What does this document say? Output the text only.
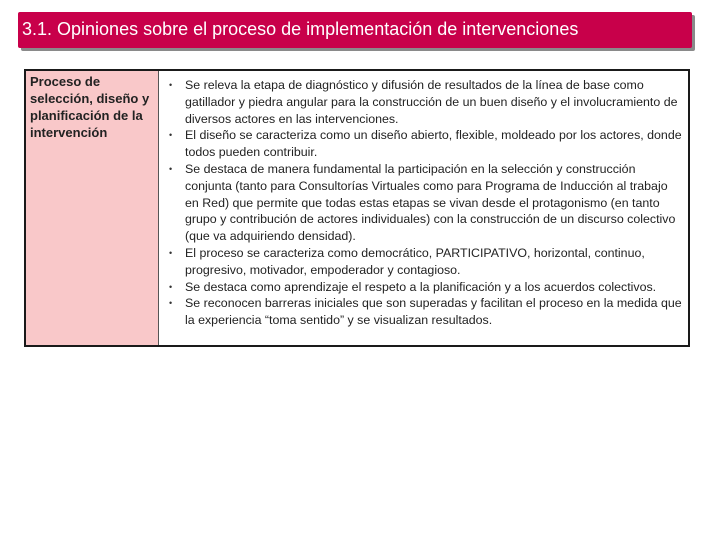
3.1. Opiniones sobre el proceso de implementación de intervenciones
Proceso de selección, diseño y planificación de la intervención
•	Se releva la etapa de diagnóstico y difusión de resultados de la línea de base como gatillador y piedra angular para la construcción de un buen diseño y el involucramiento de diversos actores en las intervenciones.
•	El diseño se caracteriza como un diseño abierto, flexible, moldeado por los actores, donde todos pueden contribuir.
•	Se destaca de manera fundamental la participación en la selección y construcción conjunta (tanto para Consultorías Virtuales como para Programa de Inducción al trabajo en Red) que permite que todas estas etapas se vivan desde el protagonismo (en tanto grupo y contribución de actores individuales) con la construcción de un discurso colectivo (que va adquiriendo densidad).
•	El proceso se caracteriza como democrático, PARTICIPATIVO, horizontal, continuo, progresivo, motivador, empoderador y contagioso.
•	Se destaca como aprendizaje el respeto a la planificación y a los acuerdos colectivos.
•	Se reconocen barreras iniciales que son superadas y facilitan el proceso en la medida que la experiencia “toma sentido” y se visualizan resultados.
